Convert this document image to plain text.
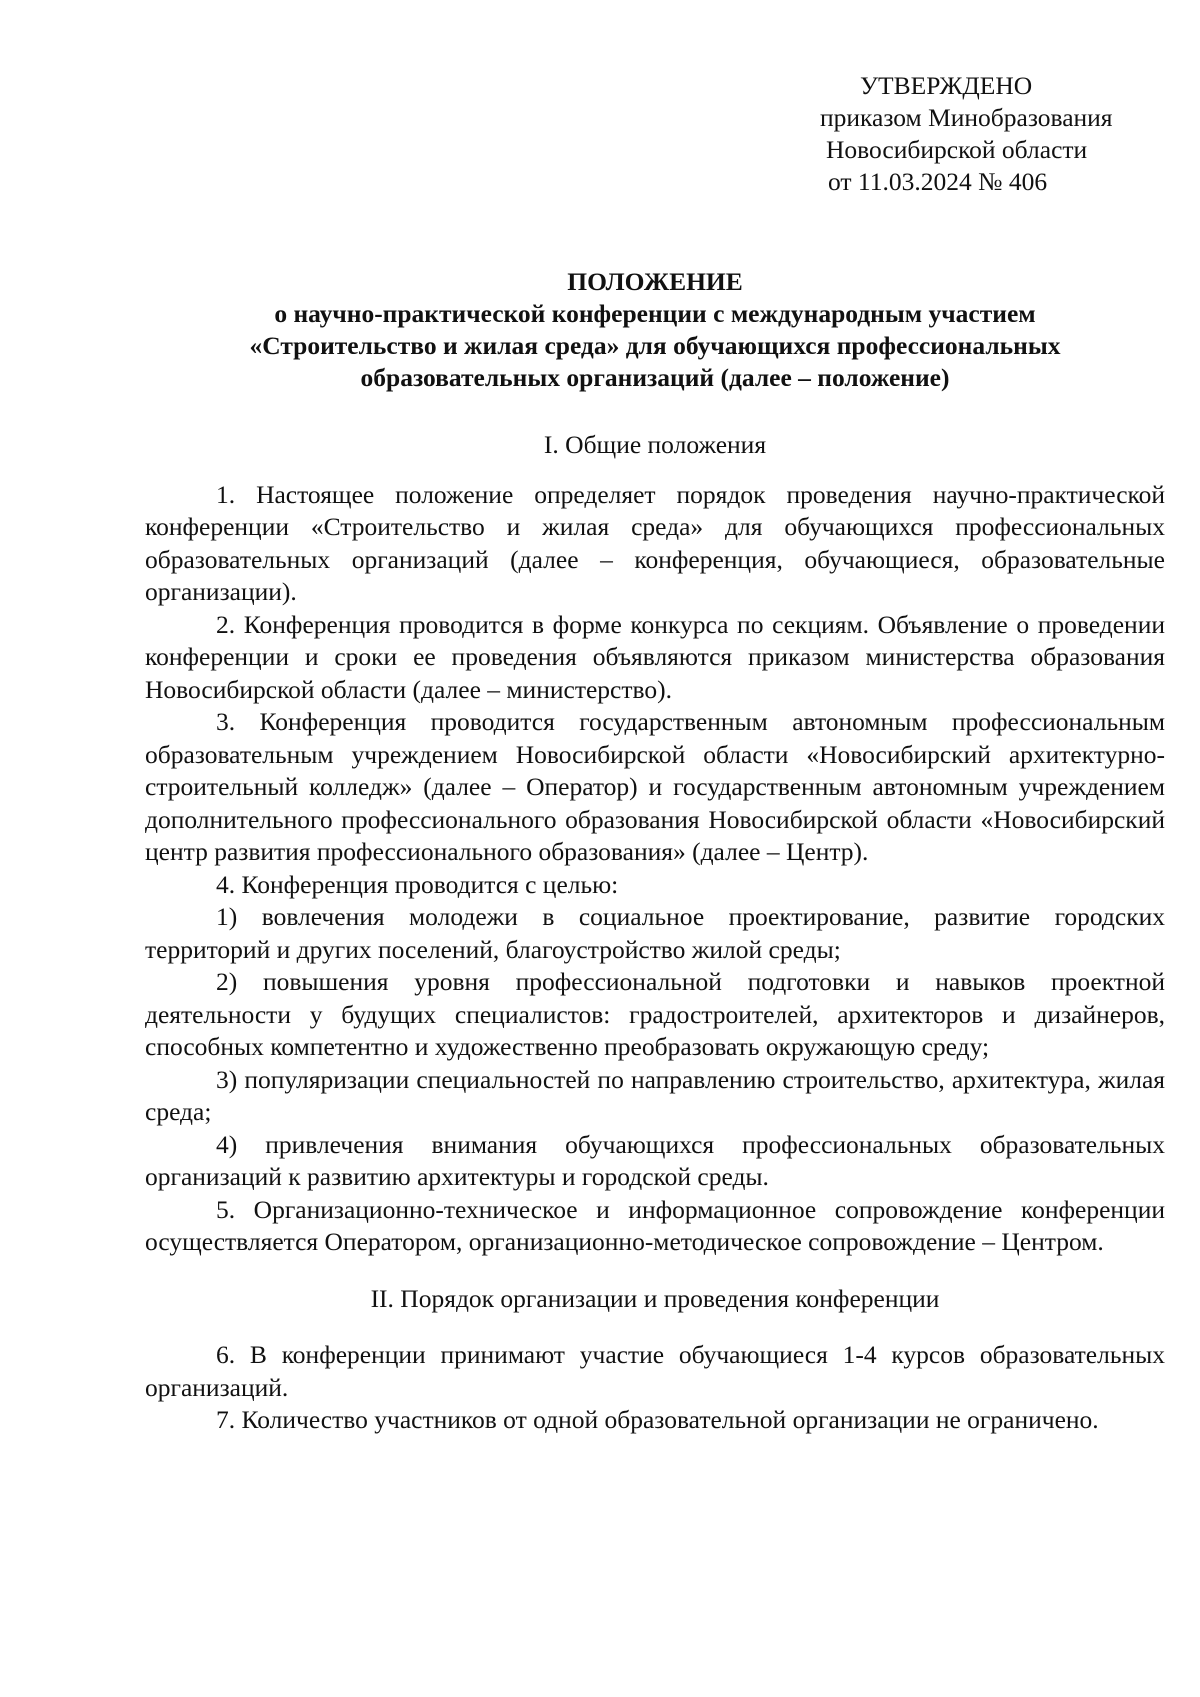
УТВЕРЖДЕНО
приказом Минобразования
Новосибирской области
от 11.03.2024 № 406
ПОЛОЖЕНИЕ
о научно-практической конференции с международным участием
«Строительство и жилая среда» для обучающихся профессиональных
образовательных организаций (далее – положение)

I. Общие положения

1. Настоящее положение определяет порядок проведения научно-практической конференции «Строительство и жилая среда» для обучающихся профессиональных образовательных организаций (далее – конференция, обучающиеся, образовательные организации).

2. Конференция проводится в форме конкурса по секциям. Объявление о проведении конференции и сроки ее проведения объявляются приказом министерства образования Новосибирской области (далее – министерство).

3. Конференция проводится государственным автономным профессиональным образовательным учреждением Новосибирской области «Новосибирский архитектурно-строительный колледж» (далее – Оператор) и государственным автономным учреждением дополнительного профессионального образования Новосибирской области «Новосибирский центр развития профессионального образования» (далее – Центр).

4. Конференция проводится с целью:

1) вовлечения молодежи в социальное проектирование, развитие городских территорий и других поселений, благоустройство жилой среды;

2) повышения уровня профессиональной подготовки и навыков проектной деятельности у будущих специалистов: градостроителей, архитекторов и дизайнеров, способных компетентно и художественно преобразовать окружающую среду;

3) популяризации специальностей по направлению строительство, архитектура, жилая среда;

4) привлечения внимания обучающихся профессиональных образовательных организаций к развитию архитектуры и городской среды.

5. Организационно-техническое и информационное сопровождение конференции осуществляется Оператором, организационно-методическое сопровождение – Центром.

II. Порядок организации и проведения конференции

6. В конференции принимают участие обучающиеся 1-4 курсов образовательных организаций.

7. Количество участников от одной образовательной организации не ограничено.
